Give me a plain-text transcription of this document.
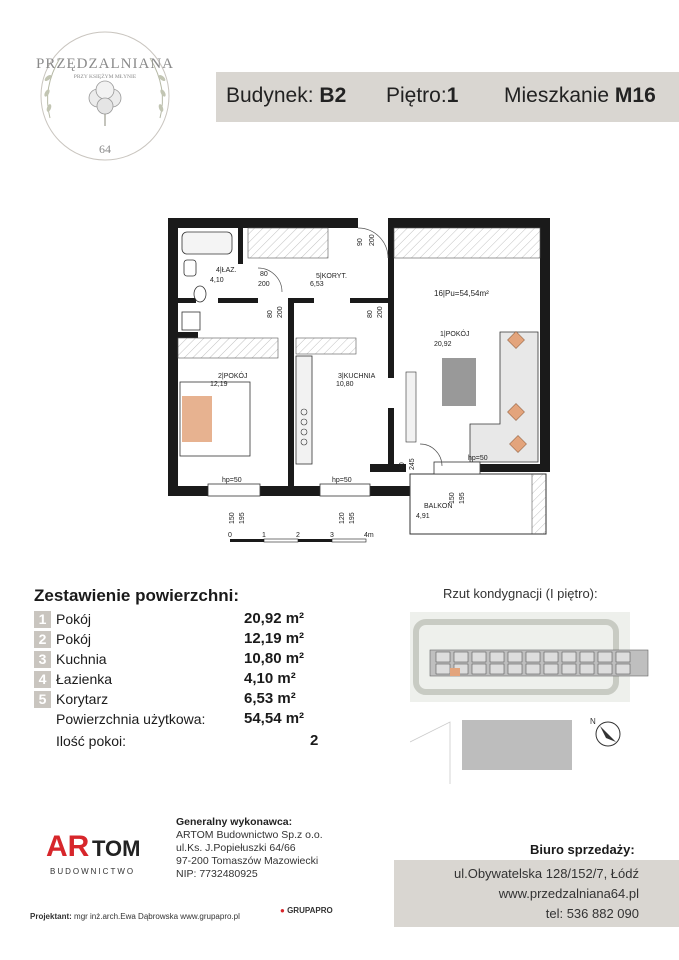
PRZĘDZALNIANA
PRZY KSIĘŻYM MŁYNIE
64
Budynek: B2 Piętro:1 Mieszkanie M16
4|ŁAZ.
4,10
5|KORYT.
6,53
16|Pu=54,54m²
1|POKÓJ
20,92
2|POKÓJ
12,19
3|KUCHNIA
10,80
BALKON
4,91
90 200
80
200
80 200	80 200
90 245
hp=50	hp=50
hp=50
150 195	120 195
150 195
0	1	2	3	4m
Zestawienie powierzchni:
1 Pokój	20,92 m²
2 Pokój	12,19 m²
3 Kuchnia	10,80 m²
4 Łazienka	4,10 m²
5 Korytarz	6,53 m²
Powierzchnia użytkowa:	54,54 m²
Ilość pokoi:	2
Rzut kondygnacji (I piętro):
N
AR TOM
BUDOWNICTWO
Generalny wykonawca:
ARTOM Budownictwo Sp.z o.o.
ul.Ks. J.Popiełuszki 64/66
97-200 Tomaszów Mazowiecki
NIP: 7732480925
Projektant: mgr inż.arch.Ewa Dąbrowska www.grupapro.pl
● GRUPAPRO
Biuro sprzedaży:
ul.Obywatelska 128/152/7, Łódź
www.przedzalniana64.pl
tel: 536 882 090
